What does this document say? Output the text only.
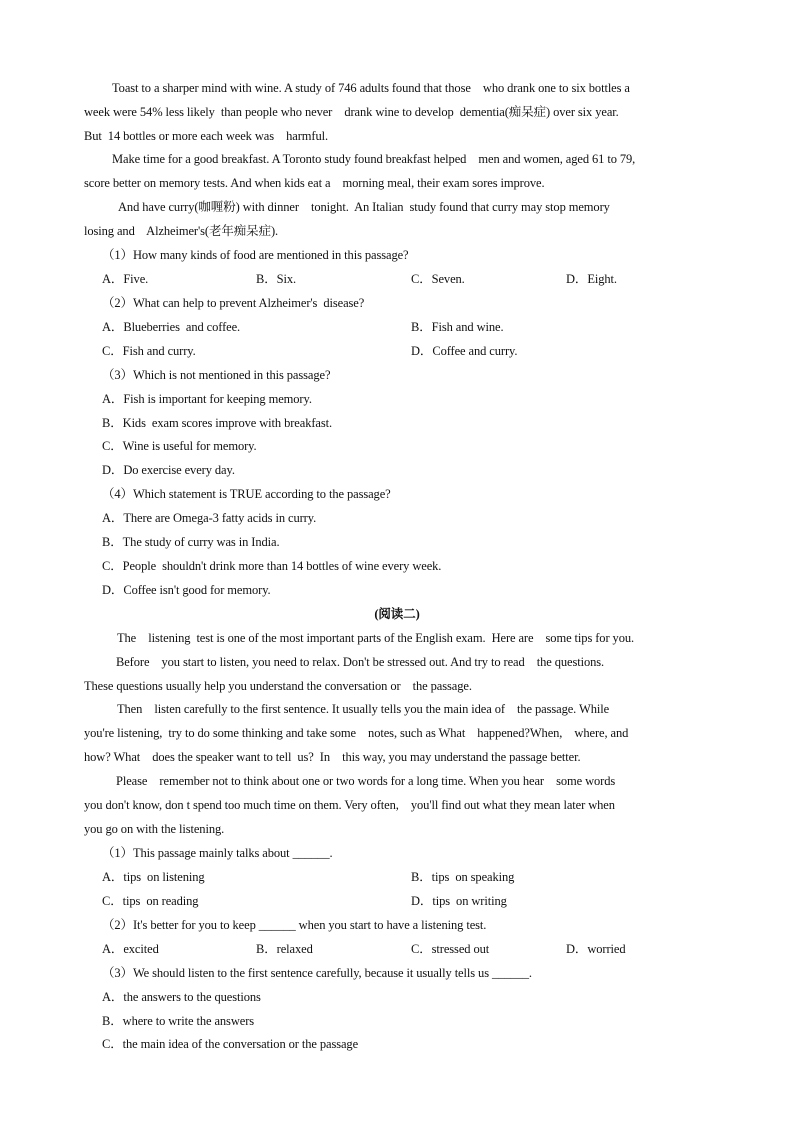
Toast to a sharper mind with wine. A study of 746 adults found that those    who drank one to six bottles a
week were 54% less likely  than people who never    drank wine to develop  dementia(痴呆症) over six year.
But  14 bottles or more each week was    harmful.
Make time for a good breakfast. A Toronto study found breakfast helped    men and women, aged 61 to 79,
score better on memory tests. And when kids eat a    morning meal, their exam sores improve.
And have curry(咖喱粉) with dinner    tonight.  An Italian  study found that curry may stop memory
losing and    Alzheimer's(老年痴呆症).
（1）How many kinds of food are mentioned in this passage?
A．Five.	B．Six.	C．Seven.	D．Eight.
（2）What can help to prevent Alzheimer's  disease?
A．Blueberries  and coffee.	B．Fish and wine.
C．Fish and curry.	D．Coffee and curry.
（3）Which is not mentioned in this passage?
A．Fish is important for keeping memory.
B．Kids  exam scores improve with breakfast.
C．Wine is useful for memory.
D．Do exercise every day.
（4）Which statement is TRUE according to the passage?
A．There are Omega-3 fatty acids in curry.
B．The study of curry was in India.
C．People  shouldn't drink more than 14 bottles of wine every week.
D．Coffee isn't good for memory.
(阅读二)
The    listening  test is one of the most important parts of the English exam.  Here are    some tips for you.
Before    you start to listen, you need to relax. Don't be stressed out. And try to read    the questions.
These questions usually help you understand the conversation or    the passage.
Then    listen carefully to the first sentence. It usually tells you the main idea of    the passage. While
you're listening,  try to do some thinking and take some    notes, such as What    happened?When,    where, and
how? What    does the speaker want to tell  us?  In    this way, you may understand the passage better.
Please    remember not to think about one or two words for a long time. When you hear    some words
you don't know, don t spend too much time on them. Very often,    you'll find out what they mean later when
you go on with the listening.
（1）This passage mainly talks about ______.
A．tips  on listening	B．tips  on speaking
C．tips  on reading	D．tips  on writing
（2）It's better for you to keep ______ when you start to have a listening test.
A．excited	B．relaxed	C．stressed out	D．worried
（3）We should listen to the first sentence carefully, because it usually tells us ______.
A．the answers to the questions
B．where to write the answers
C．the main idea of the conversation or the passage
